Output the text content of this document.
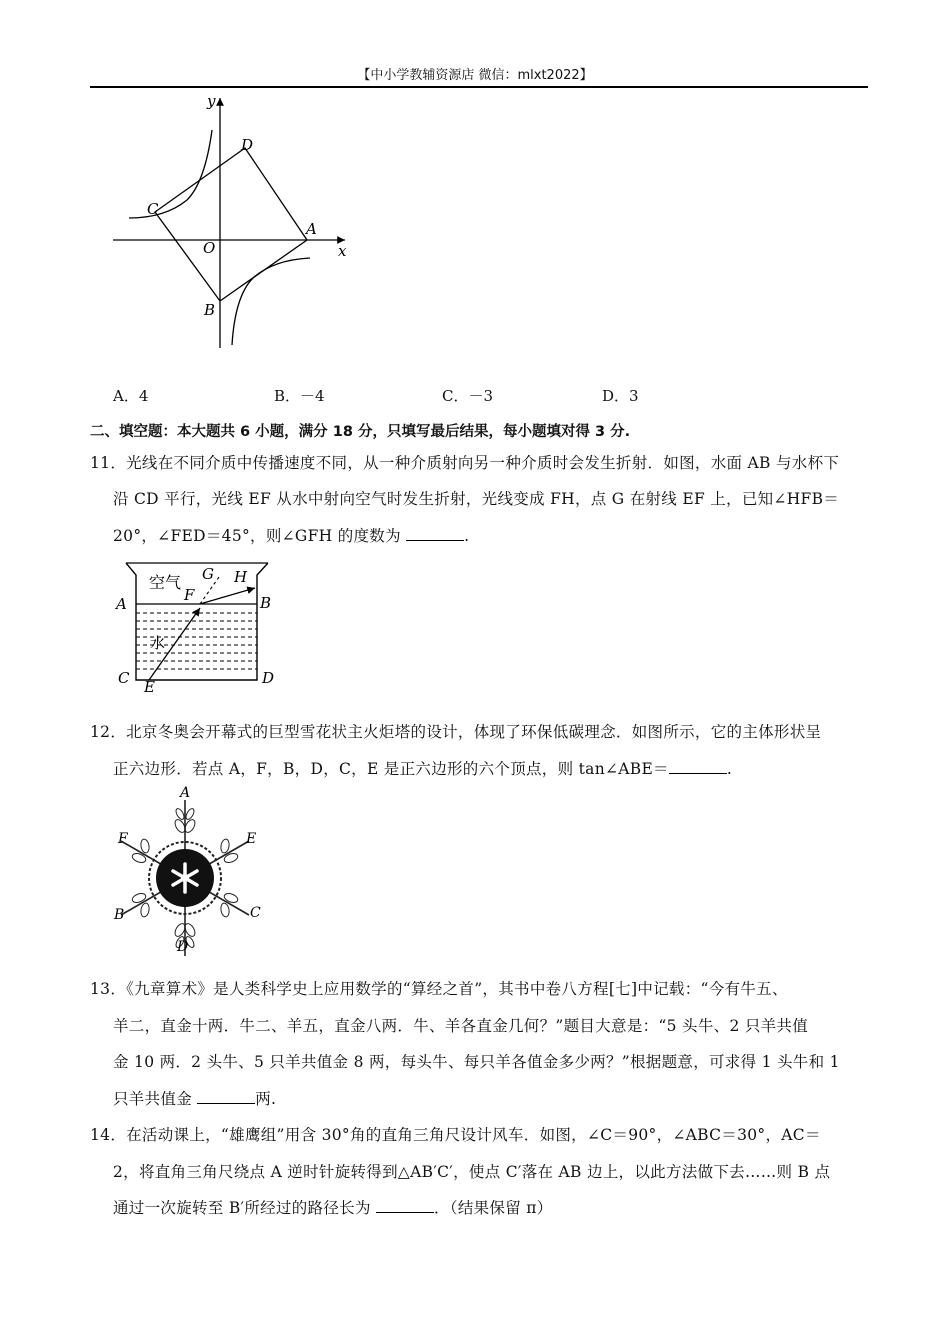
【中小学教辅资源店 微信：mlxt2022】
y
x
O
A
B
C
D
A．4	B．－4	C．－3	D．3
二、填空题：本大题共 6 小题，满分 18 分，只填写最后结果，每小题填对得 3 分.
11．光线在不同介质中传播速度不同，从一种介质射向另一种介质时会发生折射．如图，水面 AB 与水杯下
沿 CD 平行，光线 EF 从水中射向空气时发生折射，光线变成 FH，点 G 在射线 EF 上，已知∠HFB＝
20°，∠FED＝45°，则∠GFH 的度数为	.
空气
水
A	B
C	D
E
F
G H
12．北京冬奥会开幕式的巨型雪花状主火炬塔的设计，体现了环保低碳理念．如图所示，它的主体形状呈
正六边形．若点 A，F，B，D，C，E 是正六边形的六个顶点，则 tan∠ABE＝	.
A
F	E
B	C
D
13．《九章算术》是人类科学史上应用数学的“算经之首”，其书中卷八方程[七]中记载：“今有牛五、
羊二，直金十两．牛二、羊五，直金八两．牛、羊各直金几何？”题目大意是：“5 头牛、2 只羊共值
金 10 两．2 头牛、5 只羊共值金 8 两，每头牛、每只羊各值金多少两？”根据题意，可求得 1 头牛和 1
只羊共值金	两.
14．在活动课上，“雄鹰组”用含 30°角的直角三角尺设计风车．如图，∠C＝90°，∠ABC＝30°，AC＝
2，将直角三角尺绕点 A 逆时针旋转得到△AB′C′，使点 C′落在 AB 边上，以此方法做下去……则 B 点
通过一次旋转至 B′所经过的路径长为	．（结果保留 π）
